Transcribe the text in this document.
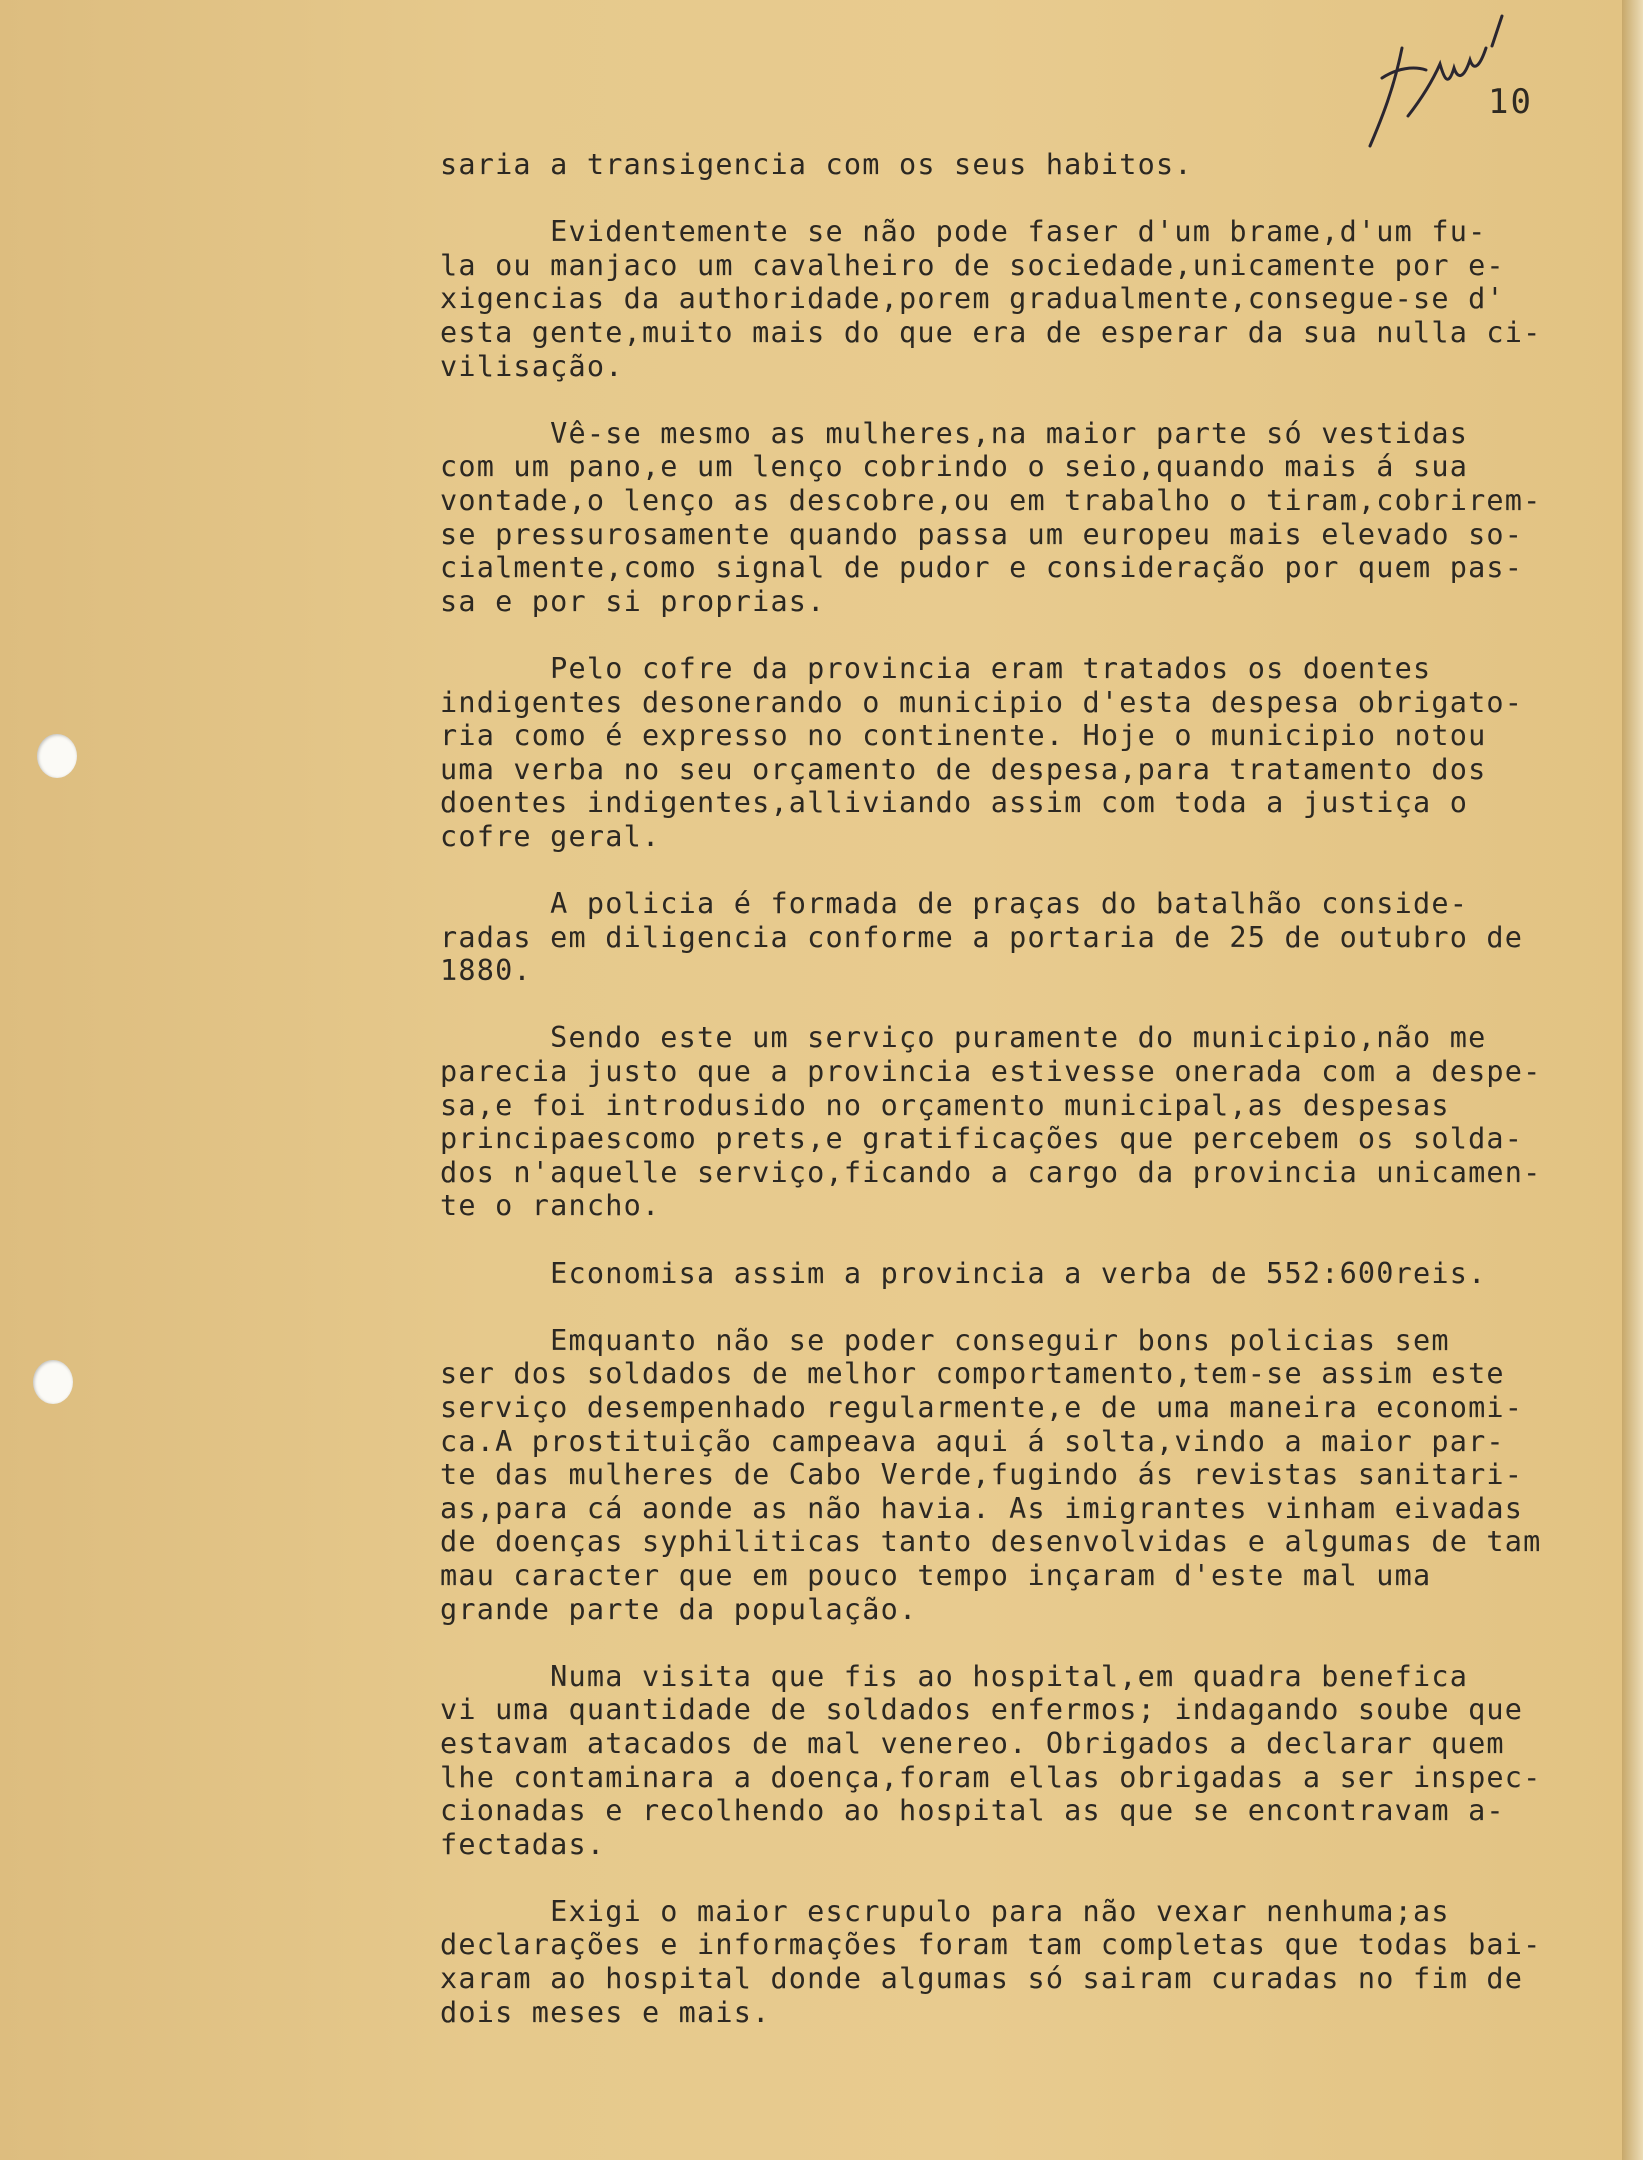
10
saria a transigencia com os seus habitos.
Evidentemente se não pode faser d'um brame,d'um fu-
la ou manjaco um cavalheiro de sociedade,unicamente por e-
xigencias da authoridade,porem gradualmente,consegue-se d'
esta gente,muito mais do que era de esperar da sua nulla ci-
vilisação.
Vê-se mesmo as mulheres,na maior parte só vestidas
com um pano,e um lenço cobrindo o seio,quando mais á sua
vontade,o lenço as descobre,ou em trabalho o tiram,cobrirem-
se pressurosamente quando passa um europeu mais elevado so-
cialmente,como signal de pudor e consideração por quem pas-
sa e por si proprias.
Pelo cofre da provincia eram tratados os doentes
indigentes desonerando o municipio d'esta despesa obrigato-
ria como é expresso no continente. Hoje o municipio notou
uma verba no seu orçamento de despesa,para tratamento dos
doentes indigentes,alliviando assim com toda a justiça o
cofre geral.
A policia é formada de praças do batalhão conside-
radas em diligencia conforme a portaria de 25 de outubro de
1880.
Sendo este um serviço puramente do municipio,não me
parecia justo que a provincia estivesse onerada com a despe-
sa,e foi introdusido no orçamento municipal,as despesas
principaescomo prets,e gratificações que percebem os solda-
dos n'aquelle serviço,ficando a cargo da provincia unicamen-
te o rancho.
Economisa assim a provincia a verba de 552:600reis.
Emquanto não se poder conseguir bons policias sem
ser dos soldados de melhor comportamento,tem-se assim este
serviço desempenhado regularmente,e de uma maneira economi-
ca.A prostituição campeava aqui á solta,vindo a maior par-
te das mulheres de Cabo Verde,fugindo ás revistas sanitari-
as,para cá aonde as não havia. As imigrantes vinham eivadas
de doenças syphiliticas tanto desenvolvidas e algumas de tam
mau caracter que em pouco tempo inçaram d'este mal uma
grande parte da população.
Numa visita que fis ao hospital,em quadra benefica
vi uma quantidade de soldados enfermos; indagando soube que
estavam atacados de mal venereo. Obrigados a declarar quem
lhe contaminara a doença,foram ellas obrigadas a ser inspec-
cionadas e recolhendo ao hospital as que se encontravam a-
fectadas.
Exigi o maior escrupulo para não vexar nenhuma;as
declarações e informações foram tam completas que todas bai-
xaram ao hospital donde algumas só sairam curadas no fim de
dois meses e mais.
